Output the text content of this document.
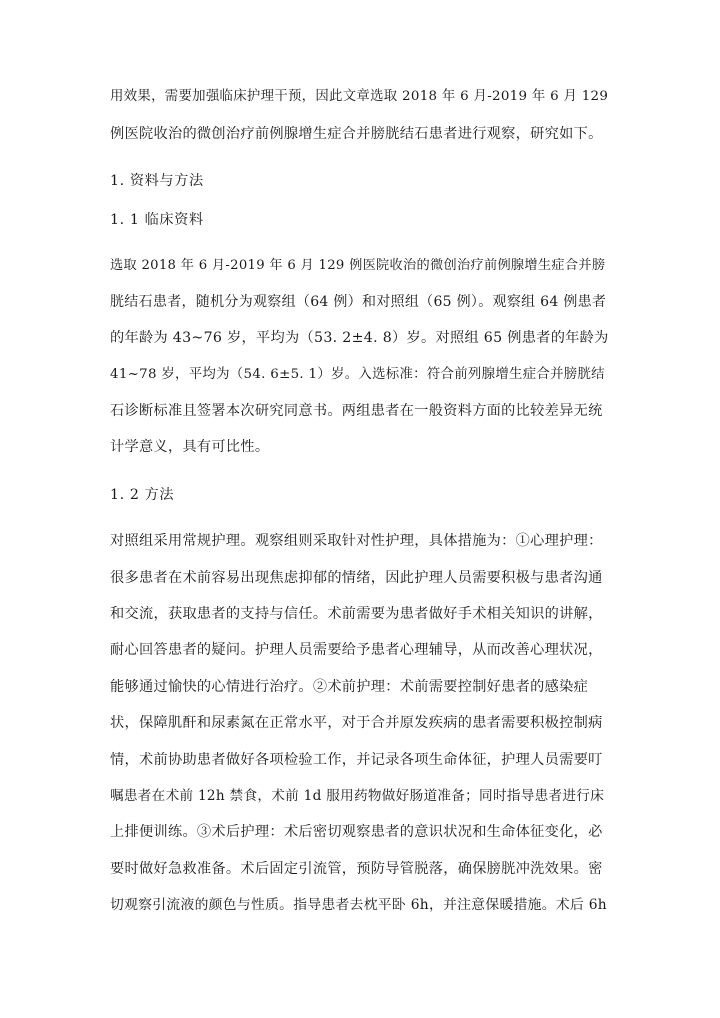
用效果，需要加强临床护理干预，因此文章选取 2018 年 6 月-2019 年 6 月 129
例医院收治的微创治疗前例腺增生症合并膀胱结石患者进行观察，研究如下。
1. 资料与方法
1. 1 临床资料
选取 2018 年 6 月-2019 年 6 月 129 例医院收治的微创治疗前例腺增生症合并膀
胱结石患者，随机分为观察组（64 例）和对照组（65 例）。观察组 64 例患者
的年龄为 43~76 岁，平均为（53. 2±4. 8）岁。对照组 65 例患者的年龄为
41~78 岁，平均为（54. 6±5. 1）岁。入选标准：符合前列腺增生症合并膀胱结
石诊断标准且签署本次研究同意书。两组患者在一般资料方面的比较差异无统
计学意义，具有可比性。
1. 2 方法
对照组采用常规护理。观察组则采取针对性护理，具体措施为：①心理护理：
很多患者在术前容易出现焦虑抑郁的情绪，因此护理人员需要积极与患者沟通
和交流，获取患者的支持与信任。术前需要为患者做好手术相关知识的讲解，
耐心回答患者的疑问。护理人员需要给予患者心理辅导，从而改善心理状况，
能够通过愉快的心情进行治疗。②术前护理：术前需要控制好患者的感染症
状，保障肌酐和尿素氮在正常水平，对于合并原发疾病的患者需要积极控制病
情，术前协助患者做好各项检验工作，并记录各项生命体征，护理人员需要叮
嘱患者在术前 12h 禁食，术前 1d 服用药物做好肠道准备；同时指导患者进行床
上排便训练。③术后护理：术后密切观察患者的意识状况和生命体征变化，必
要时做好急救准备。术后固定引流管，预防导管脱落，确保膀胱冲洗效果。密
切观察引流液的颜色与性质。指导患者去枕平卧 6h，并注意保暖措施。术后 6h
